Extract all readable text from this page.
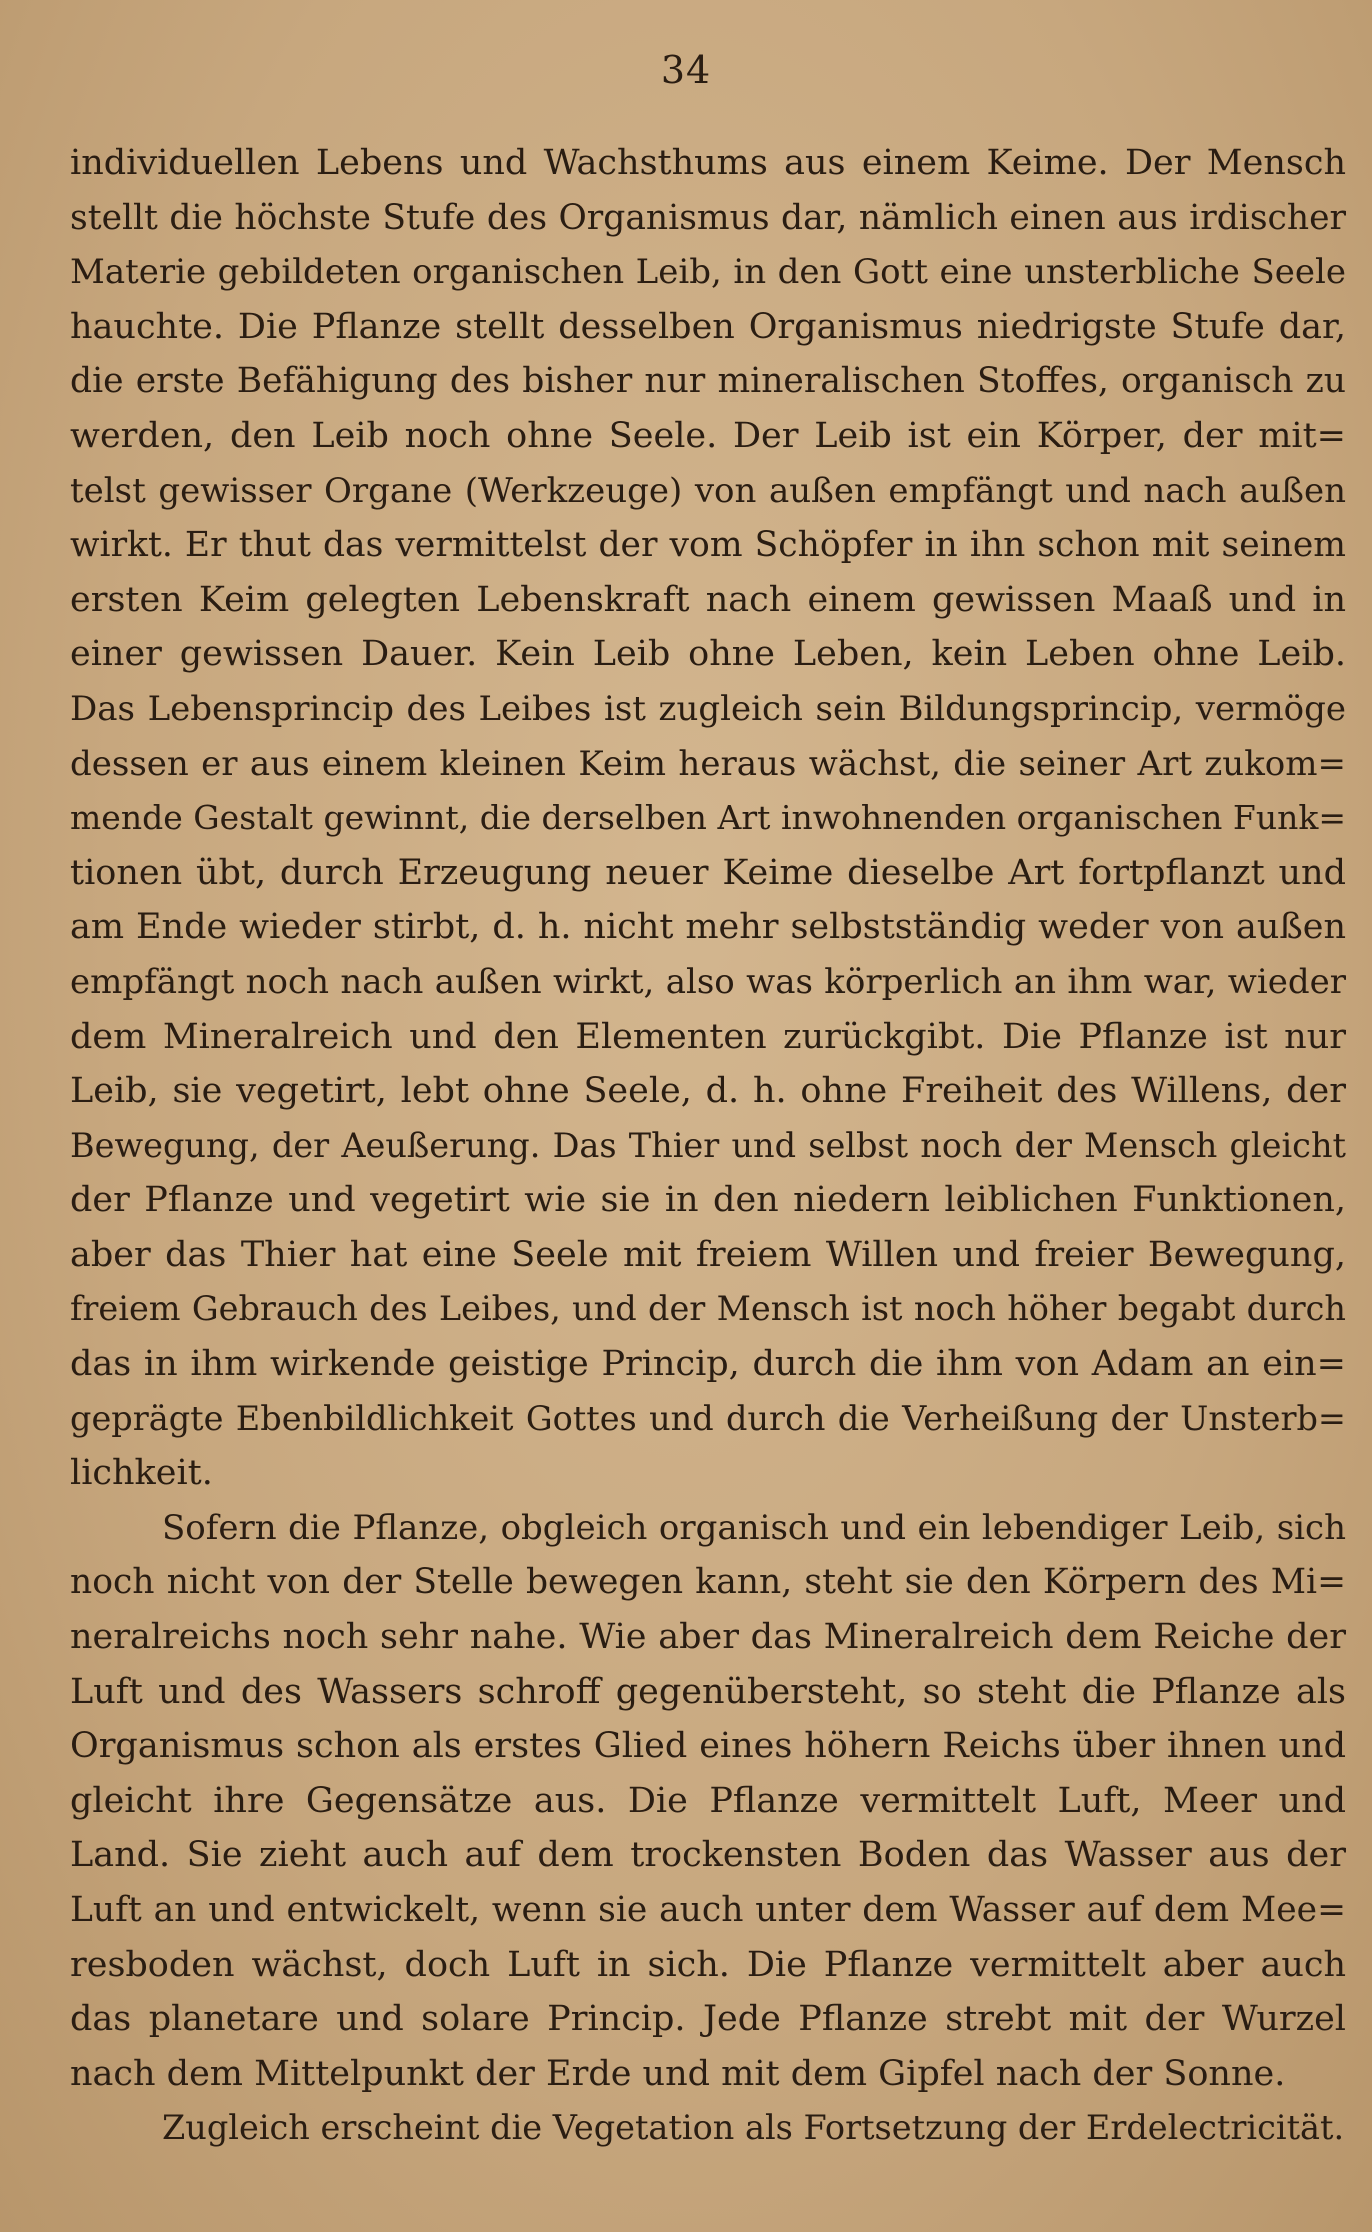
34
individuellen Lebens und Wachsthums aus einem Keime. Der Mensch
stellt die höchste Stufe des Organismus dar, nämlich einen aus irdischer
Materie gebildeten organischen Leib, in den Gott eine unsterbliche Seele
hauchte. Die Pflanze stellt desselben Organismus niedrigste Stufe dar,
die erste Befähigung des bisher nur mineralischen Stoffes, organisch zu
werden, den Leib noch ohne Seele. Der Leib ist ein Körper, der mit=
telst gewisser Organe (Werkzeuge) von außen empfängt und nach außen
wirkt. Er thut das vermittelst der vom Schöpfer in ihn schon mit seinem
ersten Keim gelegten Lebenskraft nach einem gewissen Maaß und in
einer gewissen Dauer. Kein Leib ohne Leben, kein Leben ohne Leib.
Das Lebensprincip des Leibes ist zugleich sein Bildungsprincip, vermöge
dessen er aus einem kleinen Keim heraus wächst, die seiner Art zukom=
mende Gestalt gewinnt, die derselben Art inwohnenden organischen Funk=
tionen übt, durch Erzeugung neuer Keime dieselbe Art fortpflanzt und
am Ende wieder stirbt, d. h. nicht mehr selbstständig weder von außen
empfängt noch nach außen wirkt, also was körperlich an ihm war, wieder
dem Mineralreich und den Elementen zurückgibt. Die Pflanze ist nur
Leib, sie vegetirt, lebt ohne Seele, d. h. ohne Freiheit des Willens, der
Bewegung, der Aeußerung. Das Thier und selbst noch der Mensch gleicht
der Pflanze und vegetirt wie sie in den niedern leiblichen Funktionen,
aber das Thier hat eine Seele mit freiem Willen und freier Bewegung,
freiem Gebrauch des Leibes, und der Mensch ist noch höher begabt durch
das in ihm wirkende geistige Princip, durch die ihm von Adam an ein=
geprägte Ebenbildlichkeit Gottes und durch die Verheißung der Unsterb=
lichkeit.
Sofern die Pflanze, obgleich organisch und ein lebendiger Leib, sich
noch nicht von der Stelle bewegen kann, steht sie den Körpern des Mi=
neralreichs noch sehr nahe. Wie aber das Mineralreich dem Reiche der
Luft und des Wassers schroff gegenübersteht, so steht die Pflanze als
Organismus schon als erstes Glied eines höhern Reichs über ihnen und
gleicht ihre Gegensätze aus. Die Pflanze vermittelt Luft, Meer und
Land. Sie zieht auch auf dem trockensten Boden das Wasser aus der
Luft an und entwickelt, wenn sie auch unter dem Wasser auf dem Mee=
resboden wächst, doch Luft in sich. Die Pflanze vermittelt aber auch
das planetare und solare Princip. Jede Pflanze strebt mit der Wurzel
nach dem Mittelpunkt der Erde und mit dem Gipfel nach der Sonne.
Zugleich erscheint die Vegetation als Fortsetzung der Erdelectricität.
